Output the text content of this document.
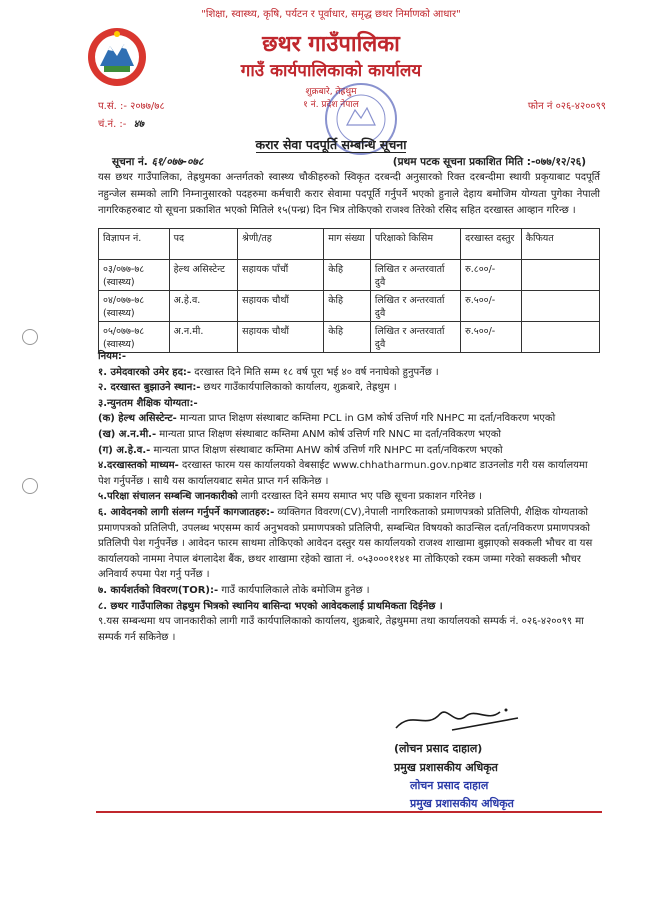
"शिक्षा, स्वास्थ्य, कृषि, पर्यटन र पूर्वाधार, समृद्ध छथर निर्माणको आधार"
छथर गाउँपालिका
गाउँ कार्यपालिकाको कार्यालय
शुक्रबारे, तेह्रथुम
१ नं. प्रदेश नेपाल
प.सं. :- २०७७/७८
चं.नं. :- ४७
फोन नं ०२६-४२००९९
करार सेवा पदपूर्ति सम्बन्धि सूचना
सूचना नं. ६१/०७७-०७८	(प्रथम पटक सूचना प्रकाशित मिति :-०७७/१२/२६)
यस छथर गाउँपालिका, तेह्रथुमका अन्तर्गतको स्वास्थ्य चौकीहरुको स्विकृत दरबन्दी अनुसारको रिक्त दरबन्दीमा स्थायी प्रकृयाबाट पदपूर्ति नहुन्जेल सम्मको लागि निम्नानुसारको पदहरुमा कर्मचारी करार सेवामा पदपूर्ति गर्नुपर्ने भएको हुनाले देहाय बमोजिम योग्यता पुगेका नेपाली नागरिकहरुबाट यो सूचना प्रकाशित भएको मितिले १५(पन्ध्र) दिन भित्र तोकिएको राजश्व तिरेको रसिद सहित दरखास्त आव्हान गरिन्छ ।
विज्ञापन नं.	पद	श्रेणी/तह	माग संख्या	परिक्षाको किसिम	दरखास्त दस्तुर	कैफियत
०३/०७७-७८ (स्वास्थ्य)	हेल्थ असिस्टेन्ट	सहायक पाँचौं	केहि	लिखित र अन्तरवार्ता दुवै	रु.८००/-	
०४/०७७-७८ (स्वास्थ्य)	अ.हे.व.	सहायक चौथौं	केहि	लिखित र अन्तरवार्ता दुवै	रु.५००/-	
०५/०७७-७८ (स्वास्थ्य)	अ.न.मी.	सहायक चौथौं	केहि	लिखित र अन्तरवार्ता दुवै	रु.५००/-	

नियम:-

१. उमेदवारको उमेर हद:- दरखास्त दिने मिति सम्म १८ वर्ष पूरा भई ४० वर्ष ननाघेको हुनुपर्नेछ ।

२. दरखास्त बुझाउने स्थान:- छथर गाउँकार्यपालिकाको कार्यालय, शुक्रबारे, तेह्रथुम ।

३.न्युनतम शैक्षिक योग्यता:-

(क) हेल्थ असिस्टेन्ट- मान्यता प्राप्त शिक्षण संस्थाबाट कम्तिमा PCL in GM कोर्ष उत्तिर्ण गरि NHPC मा दर्ता/नविकरण भएको

(ख) अ.न.मी.- मान्यता प्राप्त शिक्षण संस्थाबाट कम्तिमा ANM कोर्ष उत्तिर्ण गरि NNC मा दर्ता/नविकरण भएको

(ग) अ.हे.व.- मान्यता प्राप्त शिक्षण संस्थाबाट कम्तिमा AHW कोर्ष उत्तिर्ण गरि NHPC मा दर्ता/नविकरण भएको

४.दरखास्तको माध्यम- दरखास्त फारम यस कार्यालयको वेबसाईट www.chhatharmun.gov.npबाट डाउनलोड गरी यस कार्यालयमा पेश गर्नुपर्नेछ । साथै यस कार्यालयबाट समेत प्राप्त गर्न सकिनेछ ।

५.परिक्षा संचालन सम्बन्धि जानकारीको लागी दरखास्त दिने समय समाप्त भए पछि सूचना प्रकाशन गरिनेछ ।

६. आवेदनको लागी संलग्न गर्नुपर्ने कागजातहरु:- व्यक्तिगत विवरण(CV),नेपाली नागरिकताको प्रमाणपत्रको प्रतिलिपी, शैक्षिक योग्यताको प्रमाणपत्रको प्रतिलिपी, उपलब्ध भएसम्म कार्य अनुभवको प्रमाणपत्रको प्रतिलिपी, सम्बन्धित विषयको काउन्सिल दर्ता/नविकरण प्रमाणपत्रको प्रतिलिपी पेश गर्नुपर्नेछ । आवेदन फारम साथमा तोकिएको आवेदन दस्तुर यस कार्यालयको राजश्व शाखामा बुझाएको सक्कली भौचर वा यस कार्यालयको नाममा नेपाल बंगलादेश बैंक, छथर शाखामा रहेको खाता नं. ०५३०००११४१ मा तोकिएको रकम जम्मा गरेको सक्कली भौचर अनिवार्य रुपमा पेश गर्नु पर्नेछ ।

७. कार्यशर्तको विवरण(TOR):- गाउँ कार्यपालिकाले तोके बमोजिम हुनेछ ।

८. छथर गाउँपालिका तेह्रथुम भित्रको स्थानिय बासिन्दा भएको आवेदकलाई प्राथमिकता दिईनेछ ।

९.यस सम्बन्धमा थप जानकारीको लागी गाउँ कार्यपालिकाको कार्यालय, शुक्रबारे, तेह्रथुममा तथा कार्यालयको सम्पर्क नं. ०२६-४२००९९ मा सम्पर्क गर्न सकिनेछ ।

(लोचन प्रसाद दाहाल)
प्रमुख प्रशासकीय अधिकृत
लोचन प्रसाद दाहाल
प्रमुख प्रशासकीय अधिकृत
